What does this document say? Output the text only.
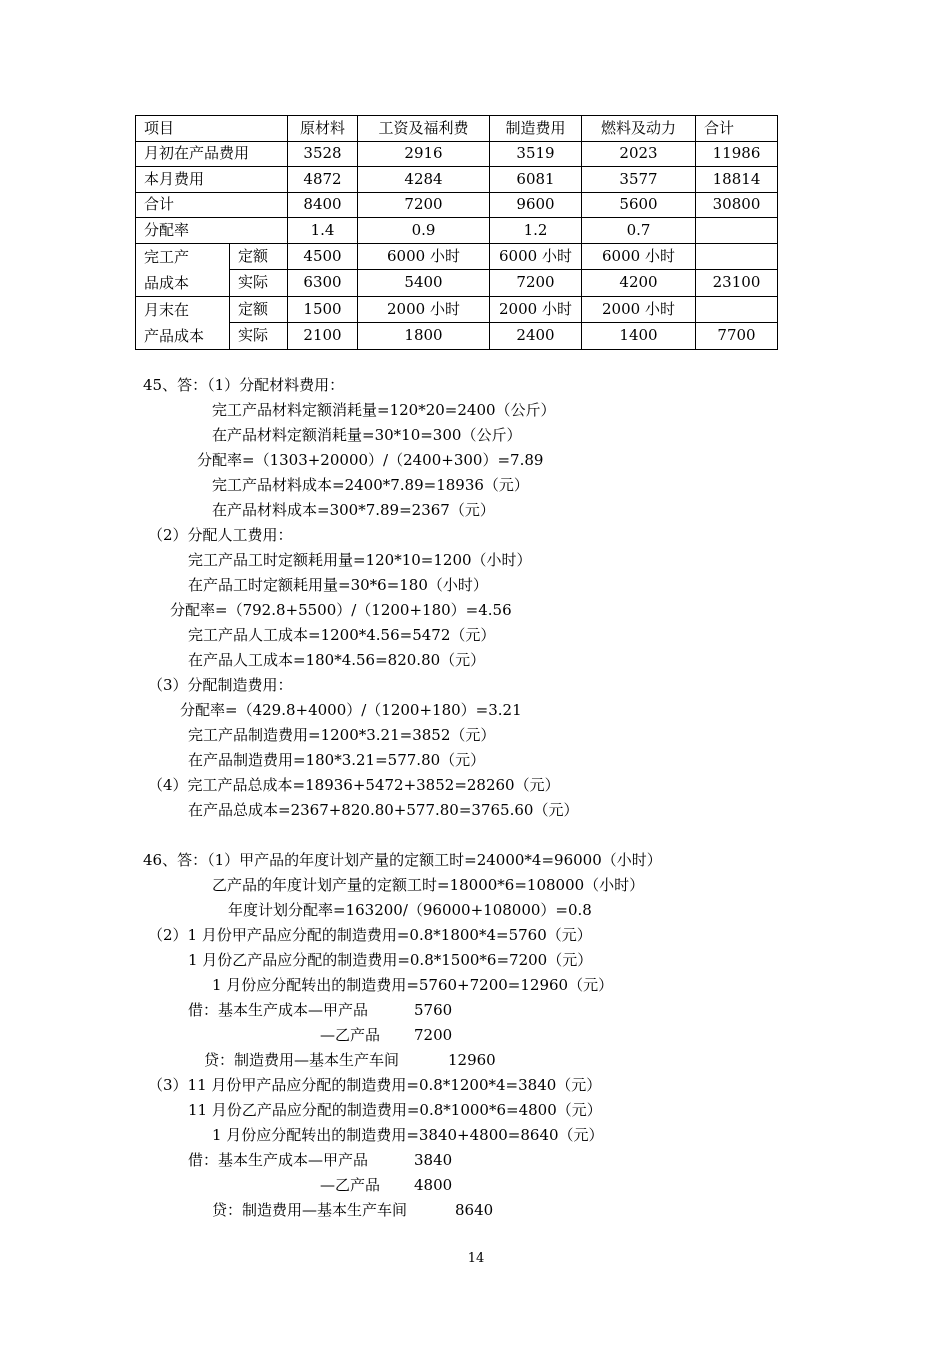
项目		原材料	工资及福利费	制造费用	燃料及动力	合计
月初在产品费用		3528	2916	3519	2023	11986
本月费用		4872	4284	6081	3577	18814
合计		8400	7200	9600	5600	30800
分配率		1.4	0.9	1.2	0.7	
完工产
品成本	定额	4500	6000 小时	6000 小时	6000 小时	
	实际	6300	5400	7200	4200	23100
月末在
产品成本	定额	1500	2000 小时	2000 小时	2000 小时	
	实际	2100	1800	2400	1400	7700
45、答：（1）分配材料费用：
完工产品材料定额消耗量=120*20=2400（公斤）
在产品材料定额消耗量=30*10=300（公斤）
分配率=（1303+20000）/（2400+300）=7.89
完工产品材料成本=2400*7.89=18936（元）
在产品材料成本=300*7.89=2367（元）
（2）分配人工费用：
完工产品工时定额耗用量=120*10=1200（小时）
在产品工时定额耗用量=30*6=180（小时）
分配率=（792.8+5500）/（1200+180）=4.56
完工产品人工成本=1200*4.56=5472（元）
在产品人工成本=180*4.56=820.80（元）
（3）分配制造费用：
分配率=（429.8+4000）/（1200+180）=3.21
完工产品制造费用=1200*3.21=3852（元）
在产品制造费用=180*3.21=577.80（元）
（4）完工产品总成本=18936+5472+3852=28260（元）
在产品总成本=2367+820.80+577.80=3765.60（元）
46、答：（1）甲产品的年度计划产量的定额工时=24000*4=96000（小时）
乙产品的年度计划产量的定额工时=18000*6=108000（小时）
年度计划分配率=163200/（96000+108000）=0.8
（2）1 月份甲产品应分配的制造费用=0.8*1800*4=5760（元）
1 月份乙产品应分配的制造费用=0.8*1500*6=7200（元）
1 月份应分配转出的制造费用=5760+7200=12960（元）
借：基本生产成本—甲产品	5760
—乙产品 7200
贷：制造费用—基本生产车间	12960
（3）11 月份甲产品应分配的制造费用=0.8*1200*4=3840（元）
11 月份乙产品应分配的制造费用=0.8*1000*6=4800（元）
1 月份应分配转出的制造费用=3840+4800=8640（元）
借：基本生产成本—甲产品	3840
—乙产品 4800
贷：制造费用—基本生产车间	8640
14
